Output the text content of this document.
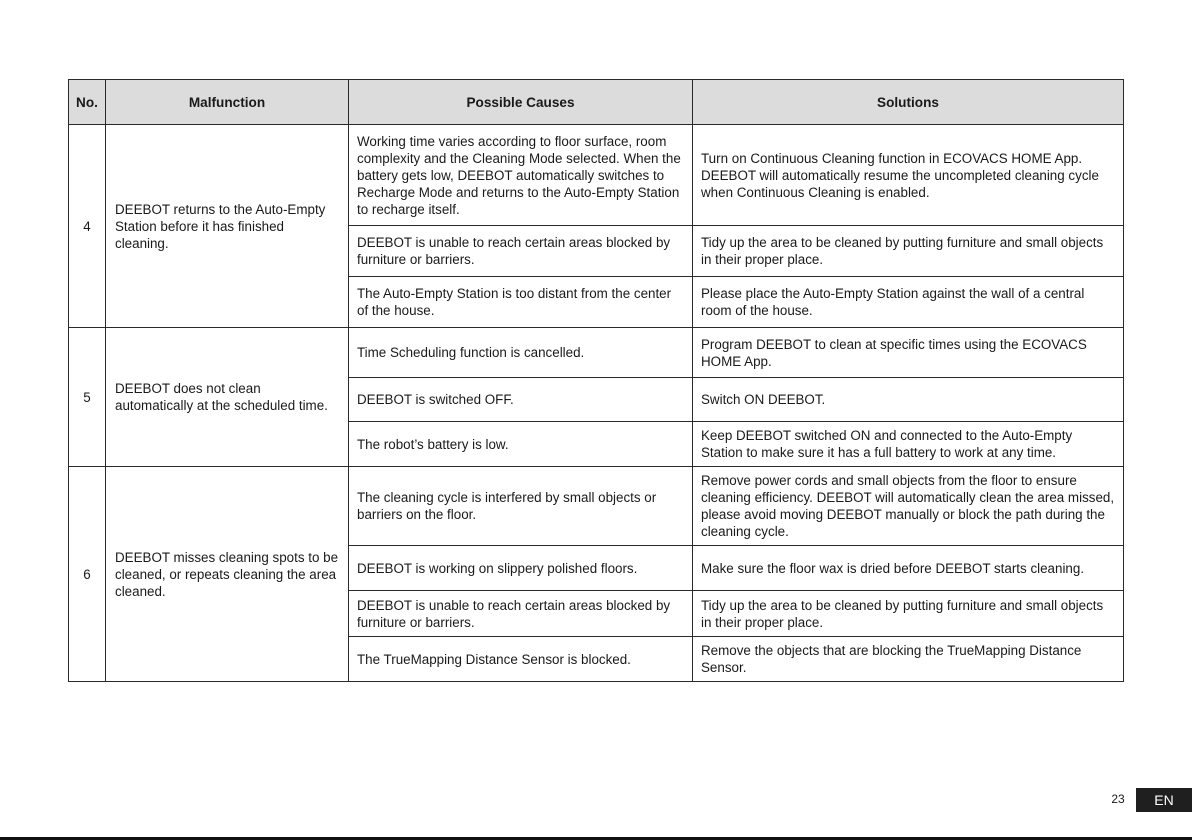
No.	Malfunction	Possible Causes	Solutions
4	DEEBOT returns to the Auto-Empty Station before it has finished cleaning.	Working time varies according to floor surface, room complexity and the Cleaning Mode selected. When the battery gets low, DEEBOT automatically switches to Recharge Mode and returns to the Auto-Empty Station to recharge itself.	Turn on Continuous Cleaning function in ECOVACS HOME App. DEEBOT will automatically resume the uncompleted cleaning cycle when Continuous Cleaning is enabled.
		DEEBOT is unable to reach certain areas blocked by furniture or barriers.	Tidy up the area to be cleaned by putting furniture and small objects in their proper place.
		The Auto-Empty Station is too distant from the center of the house.	Please place the Auto-Empty Station against the wall of a central room of the house.
5	DEEBOT does not clean automatically at the scheduled time.	Time Scheduling function is cancelled.	Program DEEBOT to clean at specific times using the ECOVACS HOME App.
		DEEBOT is switched OFF.	Switch ON DEEBOT.
		The robot’s battery is low.	Keep DEEBOT switched ON and connected to the Auto-Empty Station to make sure it has a full battery to work at any time.
6	DEEBOT misses cleaning spots to be cleaned, or repeats cleaning the area cleaned.	The cleaning cycle is interfered by small objects or barriers on the floor.	Remove power cords and small objects from the floor to ensure cleaning efficiency. DEEBOT will automatically clean the area missed, please avoid moving DEEBOT manually or block the path during the cleaning cycle.
		DEEBOT is working on slippery polished floors.	Make sure the floor wax is dried before DEEBOT starts cleaning.
		DEEBOT is unable to reach certain areas blocked by furniture or barriers.	Tidy up the area to be cleaned by putting furniture and small objects in their proper place.
		The TrueMapping Distance Sensor is blocked.	Remove the objects that are blocking the TrueMapping Distance Sensor.
23	EN
